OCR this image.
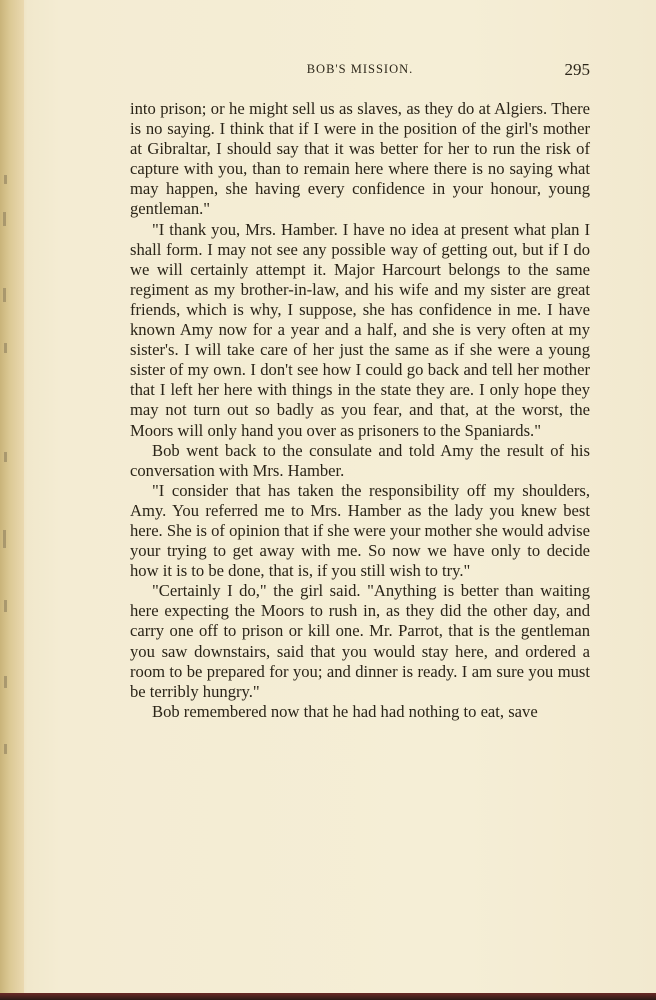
BOB'S MISSION.	295

into prison; or he might sell us as slaves, as they do at Algiers. There is no saying. I think that if I were in the position of the girl's mother at Gibraltar, I should say that it was better for her to run the risk of capture with you, than to remain here where there is no saying what may happen, she having every confidence in your honour, young gentleman."

"I thank you, Mrs. Hamber. I have no idea at present what plan I shall form. I may not see any possible way of getting out, but if I do we will certainly attempt it. Major Harcourt belongs to the same regiment as my brother-in-law, and his wife and my sister are great friends, which is why, I suppose, she has confidence in me. I have known Amy now for a year and a half, and she is very often at my sister's. I will take care of her just the same as if she were a young sister of my own. I don't see how I could go back and tell her mother that I left her here with things in the state they are. I only hope they may not turn out so badly as you fear, and that, at the worst, the Moors will only hand you over as prisoners to the Spaniards."

Bob went back to the consulate and told Amy the result of his conversation with Mrs. Hamber.

"I consider that has taken the responsibility off my shoulders, Amy. You referred me to Mrs. Hamber as the lady you knew best here. She is of opinion that if she were your mother she would advise your trying to get away with me. So now we have only to decide how it is to be done, that is, if you still wish to try."

"Certainly I do," the girl said. "Anything is better than waiting here expecting the Moors to rush in, as they did the other day, and carry one off to prison or kill one. Mr. Parrot, that is the gentleman you saw downstairs, said that you would stay here, and ordered a room to be prepared for you; and dinner is ready. I am sure you must be terribly hungry."

Bob remembered now that he had had nothing to eat, save
